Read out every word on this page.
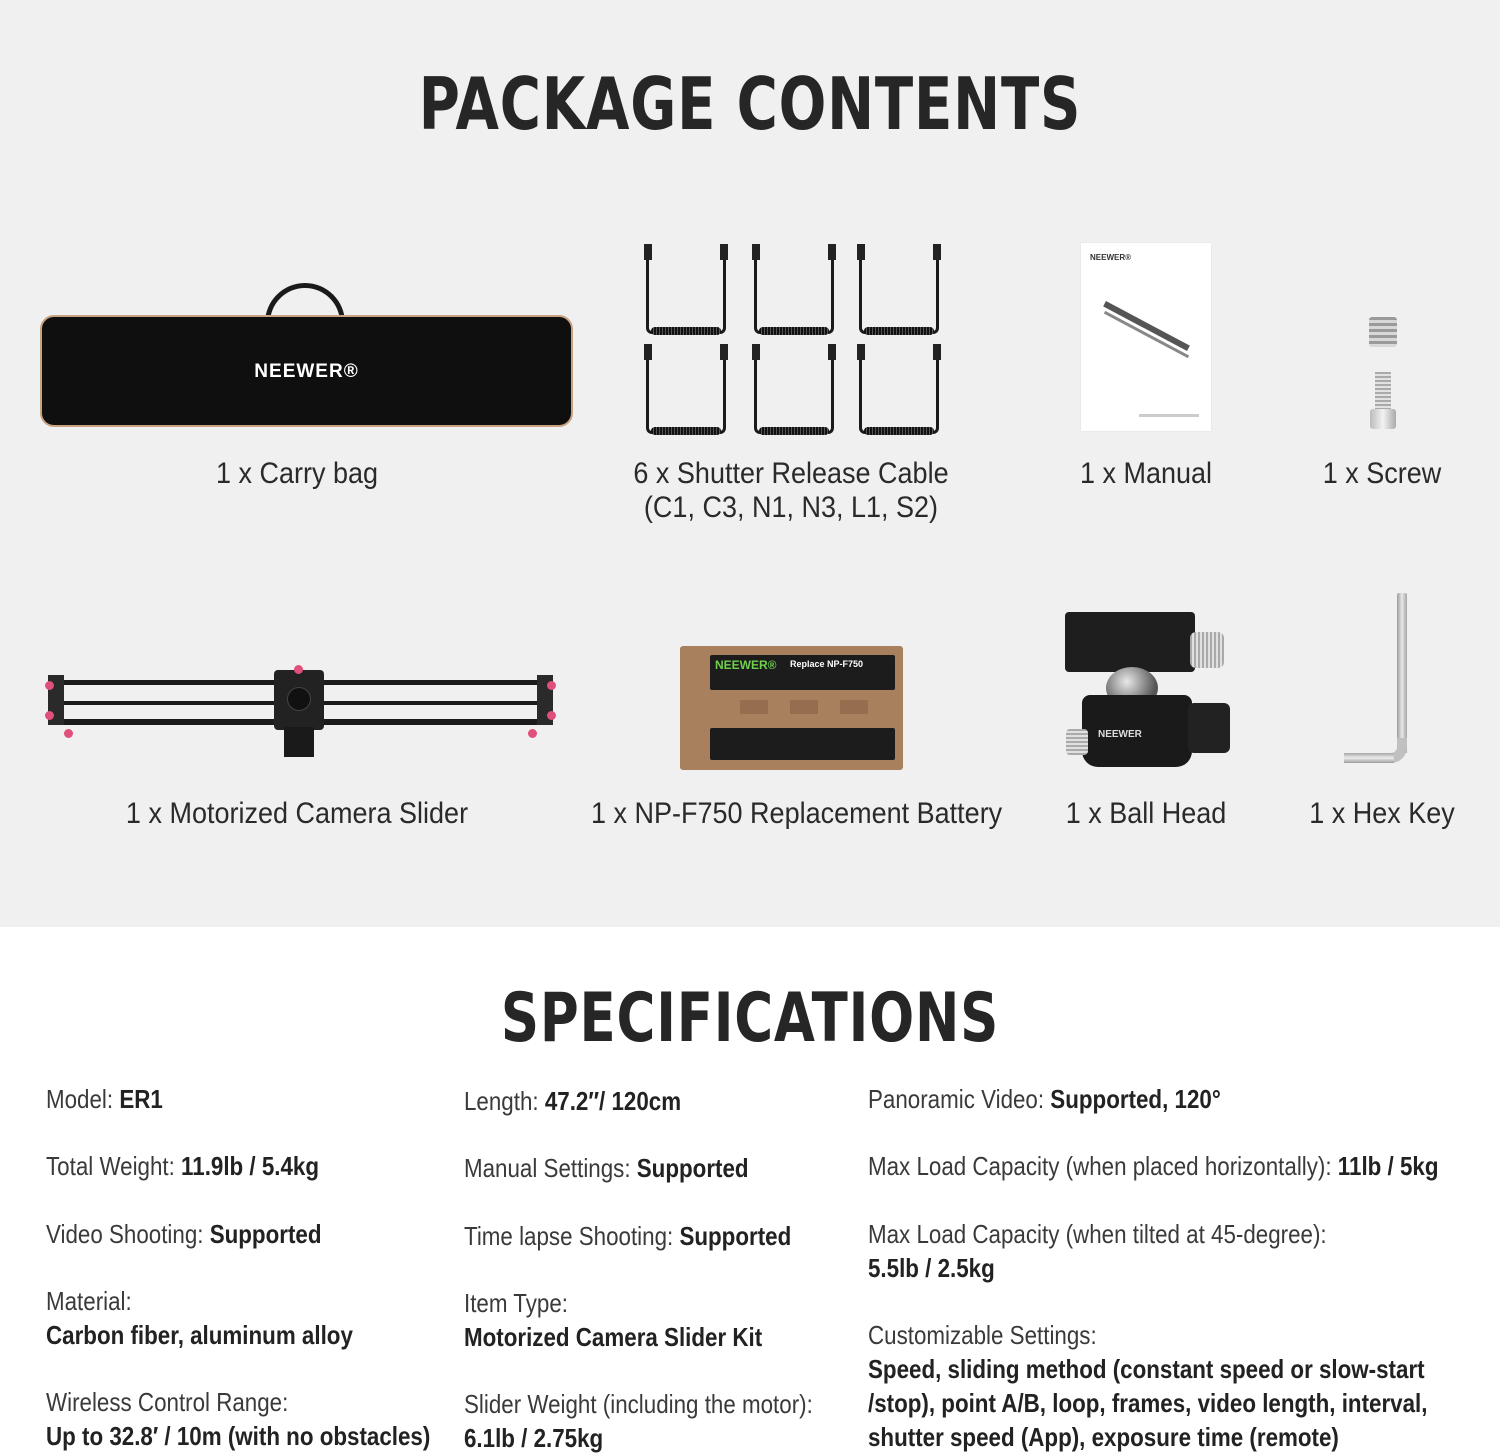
PACKAGE CONTENTS
NEEWER®
1 x Carry bag	6 x Shutter Release Cable
(C1, C3, N1, N3, L1, S2)
NEEWER®
1 x Manual	1 x Screw
1 x Motorized Camera Slider
NEEWER® Replace NP-F750
1 x NP-F750 Replacement Battery
NEEWER
1 x Ball Head	1 x Hex Key
SPECIFICATIONS
Model: ER1
Total Weight: 11.9lb / 5.4kg
Video Shooting: Supported
Material:
Carbon fiber, aluminum alloy
Wireless Control Range:
Up to 32.8′ / 10m (with no obstacles)
Length: 47.2″/ 120cm
Manual Settings: Supported
Time lapse Shooting: Supported
Item Type:
Motorized Camera Slider Kit
Slider Weight (including the motor):
6.1lb / 2.75kg
Panoramic Video: Supported, 120°
Max Load Capacity (when placed horizontally): 11lb / 5kg
Max Load Capacity (when tilted at 45-degree):
5.5lb / 2.5kg
Customizable Settings:
Speed, sliding method (constant speed or slow-start
/stop), point A/B, loop, frames, video length, interval,
shutter speed (App), exposure time (remote)
